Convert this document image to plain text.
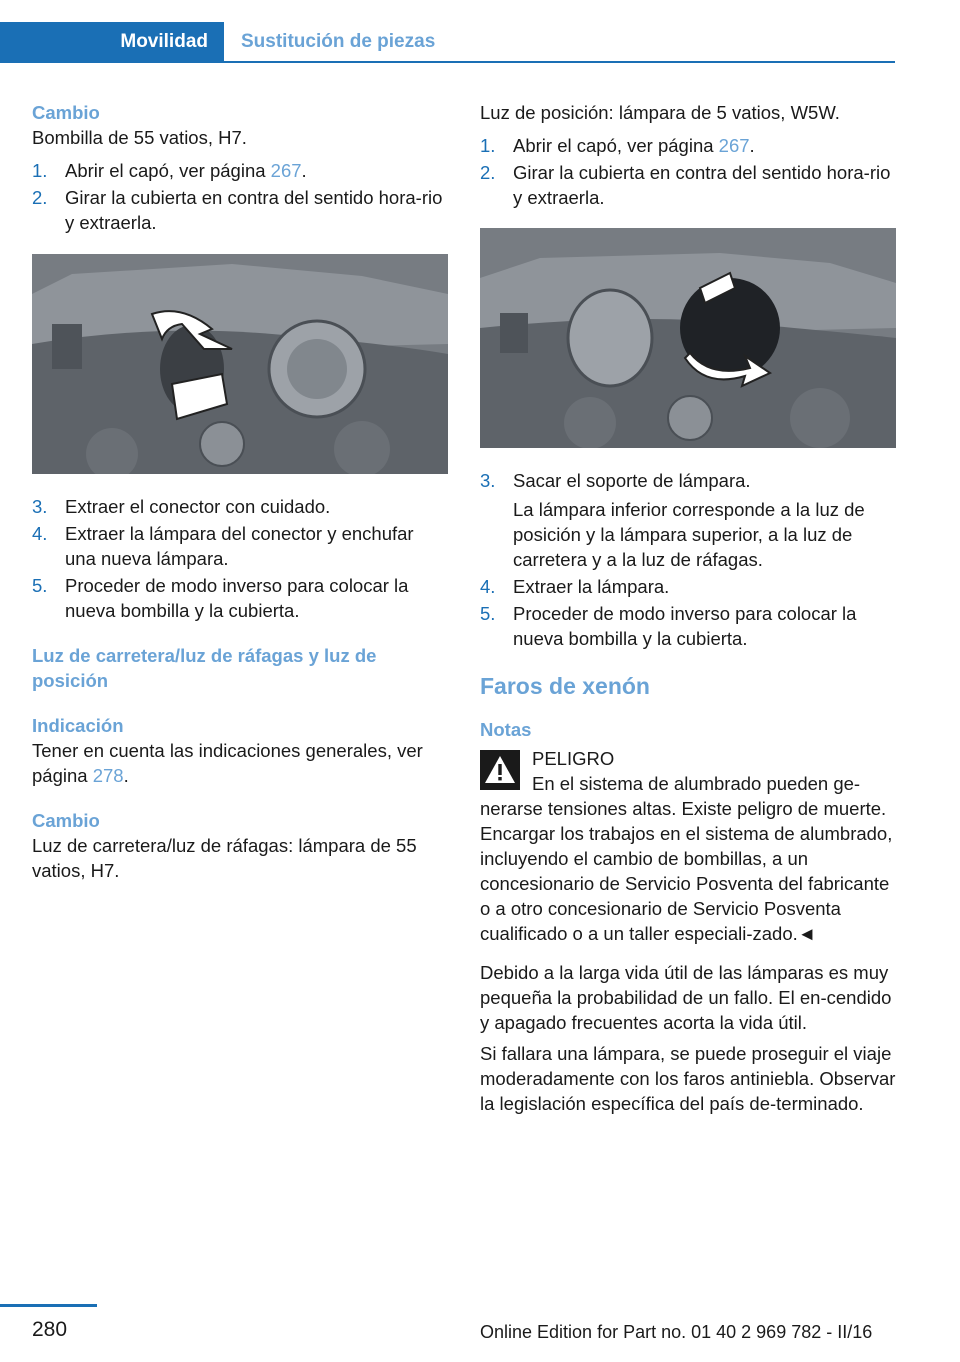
Movilidad	Sustitución de piezas
Cambio

Bombilla de 55 vatios, H7.

1. Abrir el capó, ver página 267.
2. Girar la cubierta en contra del sentido hora‐rio y extraerla.
3. Extraer el conector con cuidado.
4. Extraer la lámpara del conector y enchufar una nueva lámpara.
5. Proceder de modo inverso para colocar la nueva bombilla y la cubierta.
Luz de carretera/luz de ráfagas y luz de posición
Indicación

Tener en cuenta las indicaciones generales, ver página 278.

Cambio

Luz de carretera/luz de ráfagas: lámpara de 55 vatios, H7.

Luz de posición: lámpara de 5 vatios, W5W.

1. Abrir el capó, ver página 267.
2. Girar la cubierta en contra del sentido hora‐rio y extraerla.
3. Sacar el soporte de lámpara.
La lámpara inferior corresponde a la luz de posición y la lámpara superior, a la luz de carretera y a la luz de ráfagas.
4. Extraer la lámpara.
5. Proceder de modo inverso para colocar la nueva bombilla y la cubierta.
Faros de xenón
Notas
PELIGRO
En el sistema de alumbrado pueden ge‐nerarse tensiones altas. Existe peligro de muerte. Encargar los trabajos en el sistema de alumbrado, incluyendo el cambio de bombillas, a un concesionario de Servicio Posventa del fabricante o a otro concesionario de Servicio Posventa cualificado o a un taller especiali‐zado.◄

Debido a la larga vida útil de las lámparas es muy pequeña la probabilidad de un fallo. El en‐cendido y apagado frecuentes acorta la vida útil.

Si fallara una lámpara, se puede proseguir el viaje moderadamente con los faros antiniebla. Observar la legislación específica del país de‐terminado.

280	Online Edition for Part no. 01 40 2 969 782 - II/16
